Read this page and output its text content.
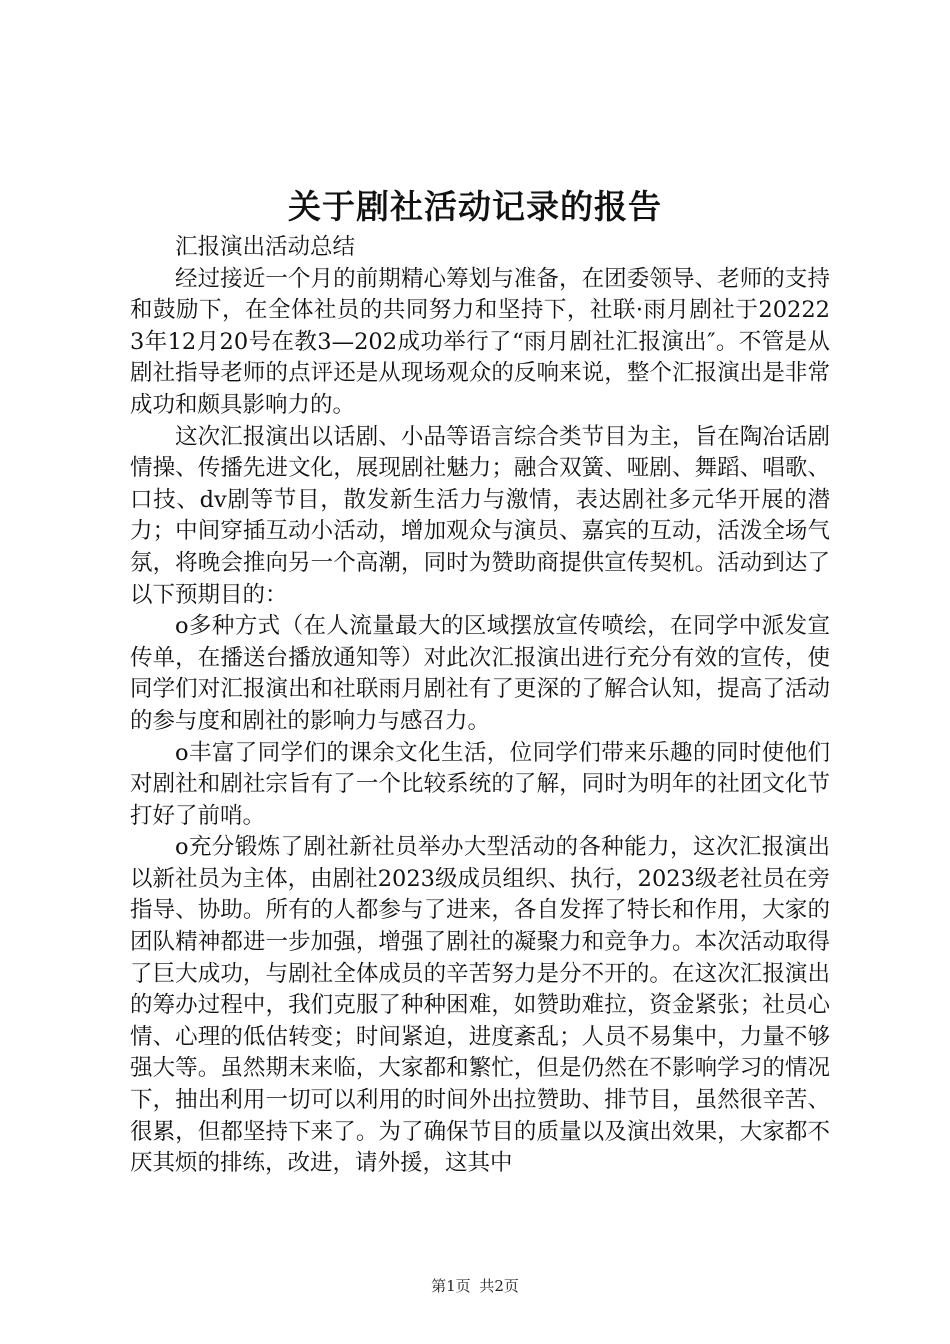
关于剧社活动记录的报告

汇报演出活动总结

经过接近一个月的前期精心筹划与准备，在团委领导、老师的支持和鼓励下，在全体社员的共同努力和坚持下，社联·雨月剧社于202223年12月20号在教3—202成功举行了“雨月剧社汇报演出″。不管是从剧社指导老师的点评还是从现场观众的反响来说，整个汇报演出是非常成功和颇具影响力的。

这次汇报演出以话剧、小品等语言综合类节目为主，旨在陶冶话剧情操、传播先进文化，展现剧社魅力；融合双簧、哑剧、舞蹈、唱歌、口技、dv剧等节目，散发新生活力与激情，表达剧社多元华开展的潜力；中间穿插互动小活动，增加观众与演员、嘉宾的互动，活泼全场气氛，将晚会推向另一个高潮，同时为赞助商提供宣传契机。活动到达了以下预期目的：

o多种方式（在人流量最大的区域摆放宣传喷绘，在同学中派发宣传单，在播送台播放通知等）对此次汇报演出进行充分有效的宣传，使同学们对汇报演出和社联雨月剧社有了更深的了解合认知，提高了活动的参与度和剧社的影响力与感召力。

o丰富了同学们的课余文化生活，位同学们带来乐趣的同时使他们对剧社和剧社宗旨有了一个比较系统的了解，同时为明年的社团文化节打好了前哨。

o充分锻炼了剧社新社员举办大型活动的各种能力，这次汇报演出以新社员为主体，由剧社2023级成员组织、执行，2023级老社员在旁指导、协助。所有的人都参与了进来，各自发挥了特长和作用，大家的团队精神都进一步加强，增强了剧社的凝聚力和竞争力。本次活动取得了巨大成功，与剧社全体成员的辛苦努力是分不开的。在这次汇报演出的筹办过程中，我们克服了种种困难，如赞助难拉，资金紧张；社员心情、心理的低估转变；时间紧迫，进度紊乱；人员不易集中，力量不够强大等。虽然期末来临，大家都和繁忙，但是仍然在不影响学习的情况下，抽出利用一切可以利用的时间外出拉赞助、排节目，虽然很辛苦、很累，但都坚持下来了。为了确保节目的质量以及演出效果，大家都不厌其烦的排练，改进，请外援，这其中

第1页 共2页
